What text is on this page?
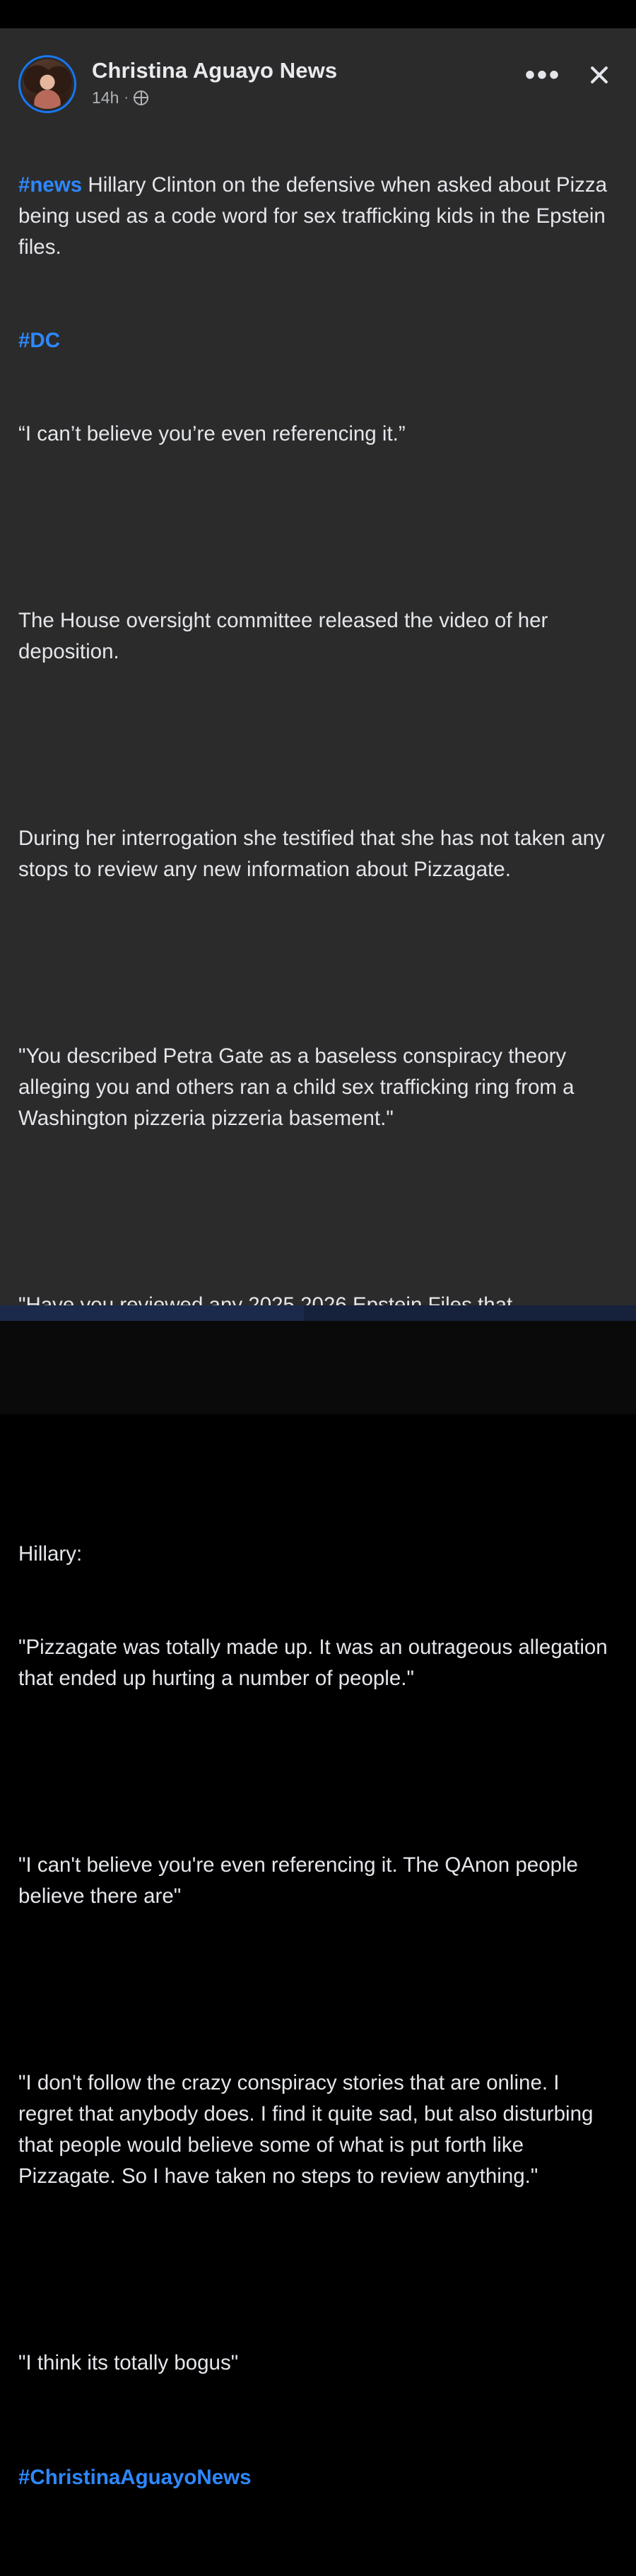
Christina Aguayo News
14h ·
•••

#news Hillary Clinton on the defensive when asked about Pizza being used as a code word for sex trafficking kids in the Epstein files.

#DC

“I can’t believe you’re even referencing it.”

The House oversight committee released the video of her deposition.

During her interrogation she testified that she has not taken any stops to review any new information about Pizzagate.

"You described Petra Gate as a baseless conspiracy theory alleging you and others ran a child sex trafficking ring from a Washington pizzeria pizzeria basement."

Hillary:

"Pizzagate was totally made up. It was an outrageous allegation that ended up hurting a number of people."

"I can't believe you're even referencing it. The QAnon people believe there are"

"I don't follow the crazy conspiracy stories that are online. I regret that anybody does. I find it quite sad, but also disturbing that people would believe some of what is put forth like Pizzagate. So I have taken no steps to review anything."

"I think its totally bogus"

#ChristinaAguayoNews
